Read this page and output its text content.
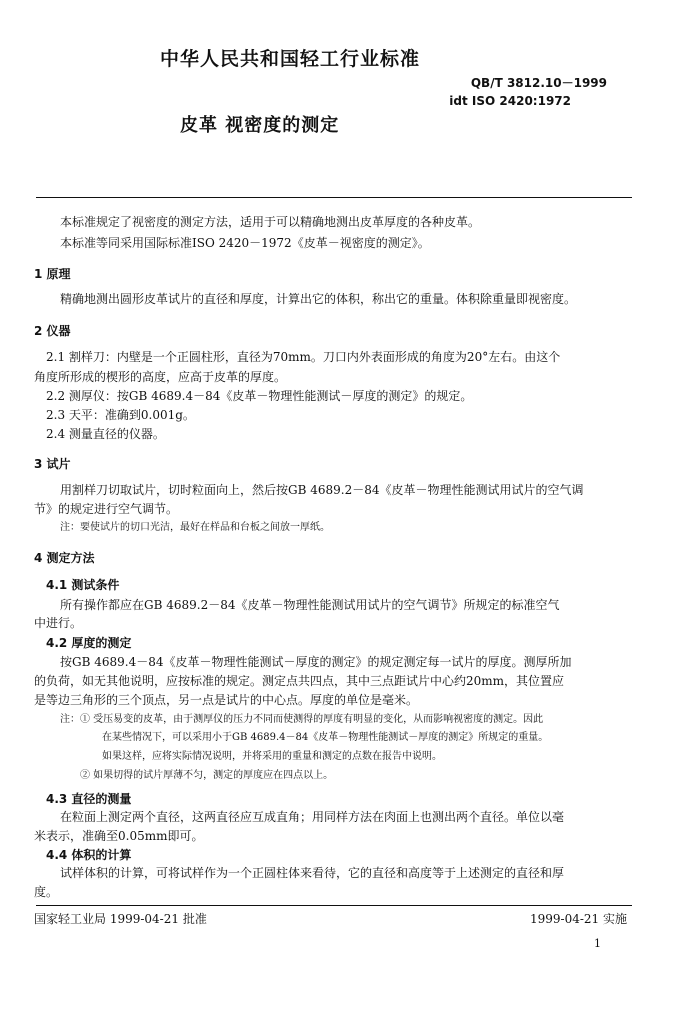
中华人民共和国轻工行业标准
QB/T 3812.10－1999
idt ISO 2420:1972
皮革 视密度的测定
本标准规定了视密度的测定方法，适用于可以精确地测出皮革厚度的各种皮革。
本标准等同采用国际标准ISO 2420－1972《皮革－视密度的测定》。
1 原理
精确地测出圆形皮革试片的直径和厚度，计算出它的体积，称出它的重量。体积除重量即视密度。
2 仪器
2.1 割样刀：内壁是一个正圆柱形，直径为70mm。刀口内外表面形成的角度为20°左右。由这个
角度所形成的楔形的高度，应高于皮革的厚度。
2.2 测厚仪：按GB 4689.4－84《皮革－物理性能测试－厚度的测定》的规定。
2.3 天平：准确到0.001g。
2.4 测量直径的仪器。
3 试片
用割样刀切取试片，切时粒面向上，然后按GB 4689.2－84《皮革－物理性能测试用试片的空气调
节》的规定进行空气调节。
注：要使试片的切口光洁，最好在样品和台板之间放一厚纸。
4 测定方法
4.1 测试条件
所有操作都应在GB 4689.2－84《皮革－物理性能测试用试片的空气调节》所规定的标准空气
中进行。
4.2 厚度的测定
按GB 4689.4－84《皮革－物理性能测试－厚度的测定》的规定测定每一试片的厚度。测厚所加
的负荷，如无其他说明，应按标准的规定。测定点共四点，其中三点距试片中心约20mm，其位置应
是等边三角形的三个顶点，另一点是试片的中心点。厚度的单位是毫米。
注：① 受压易变的皮革，由于测厚仪的压力不同而使测得的厚度有明显的变化，从而影响视密度的测定。因此
在某些情况下，可以采用小于GB 4689.4－84《皮革－物理性能测试－厚度的测定》所规定的重量。
如果这样，应将实际情况说明，并将采用的重量和测定的点数在报告中说明。
② 如果切得的试片厚薄不匀，测定的厚度应在四点以上。
4.3 直径的测量
在粒面上测定两个直径，这两直径应互成直角；用同样方法在肉面上也测出两个直径。单位以毫
米表示，准确至0.05mm即可。
4.4 体积的计算
试样体积的计算，可将试样作为一个正圆柱体来看待，它的直径和高度等于上述测定的直径和厚
度。
国家轻工业局 1999-04-21 批准	1999-04-21 实施
1
